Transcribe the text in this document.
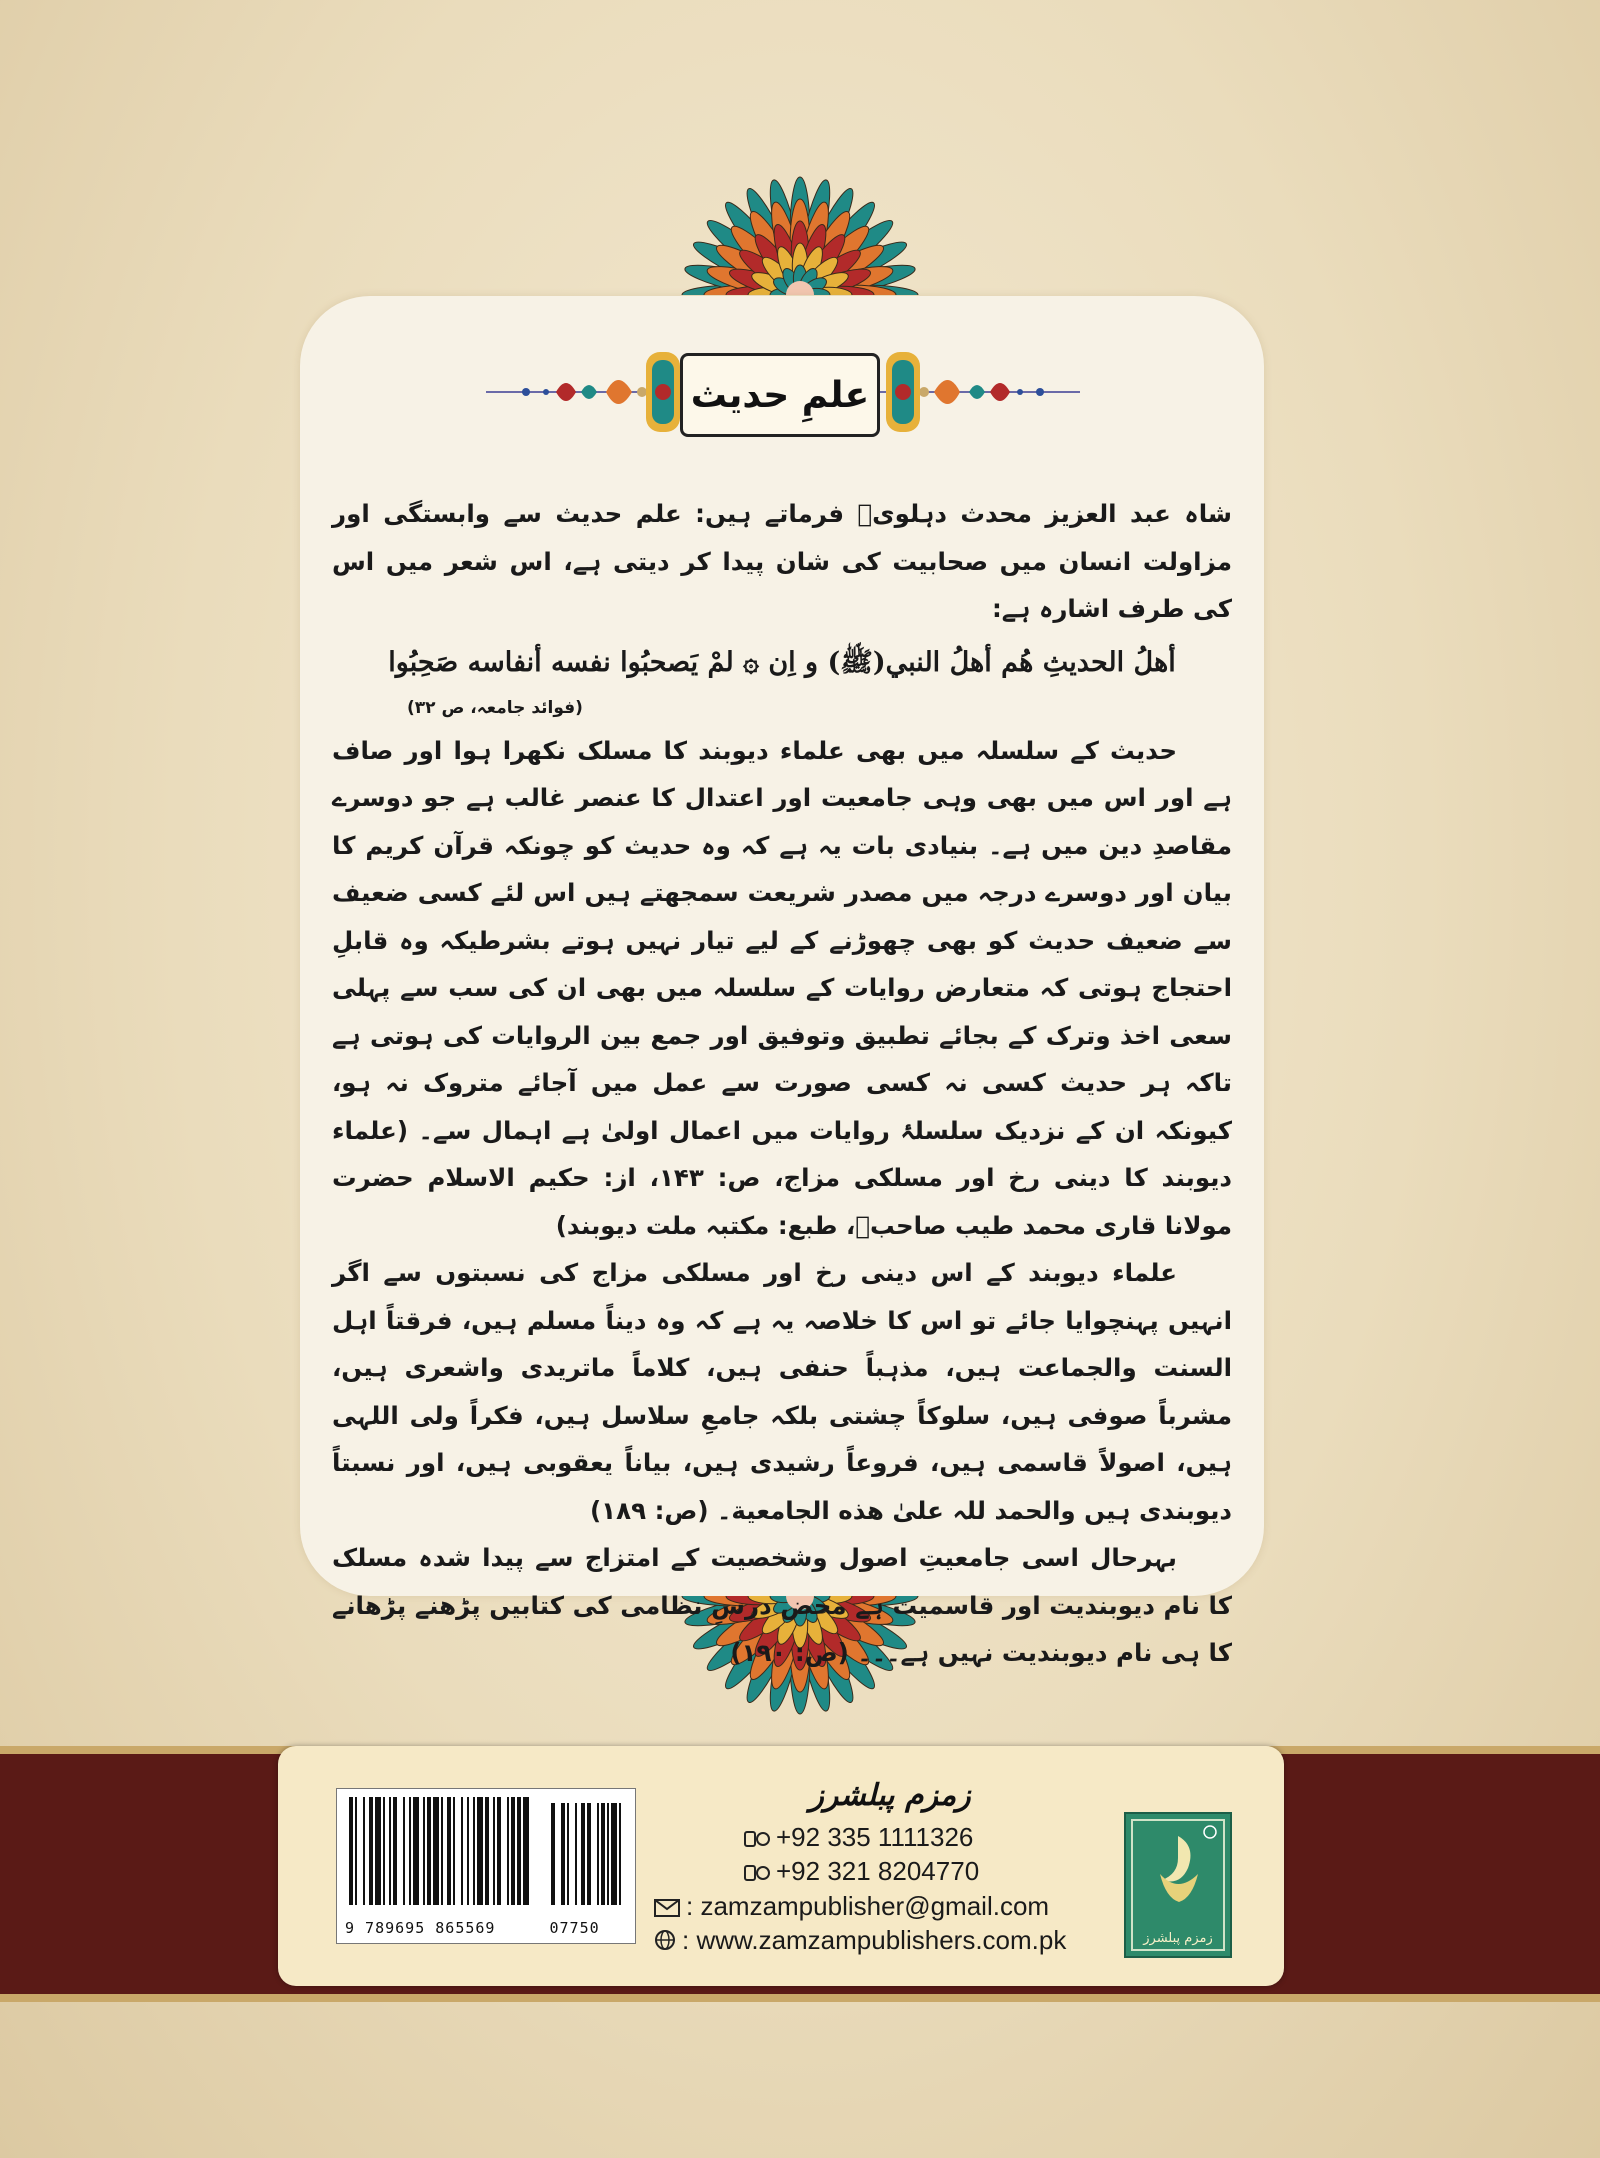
علمِ حدیث

شاہ عبد العزیز محدث دہلویؒ فرماتے ہیں: علم حدیث سے وابستگی اور مزاولت انسان میں صحابیت کی شان پیدا کر دیتی ہے، اس شعر میں اس کی طرف اشارہ ہے:

أهلُ الحديثِ هُم أهلُ النبي(ﷺ) و اِن ۞ لمْ يَصحبُوا نفسه أنفاسه صَحِبُوا

(فوائد جامعہ، ص ۳۲)

حدیث کے سلسلہ میں بھی علماء دیوبند کا مسلک نکھرا ہوا اور صاف ہے اور اس میں بھی وہی جامعیت اور اعتدال کا عنصر غالب ہے جو دوسرے مقاصدِ دین میں ہے۔ بنیادی بات یہ ہے کہ وہ حدیث کو چونکہ قرآن کریم کا بیان اور دوسرے درجہ میں مصدر شریعت سمجھتے ہیں اس لئے کسی ضعیف سے ضعیف حدیث کو بھی چھوڑنے کے لیے تیار نہیں ہوتے بشرطیکہ وہ قابلِ احتجاج ہوتی کہ متعارض روایات کے سلسلہ میں بھی ان کی سب سے پہلی سعی اخذ وترک کے بجائے تطبیق وتوفیق اور جمع بین الروایات کی ہوتی ہے تاکہ ہر حدیث کسی نہ کسی صورت سے عمل میں آجائے متروک نہ ہو، کیونکہ ان کے نزدیک سلسلۂ روایات میں اعمال اولیٰ ہے اہمال سے۔ (علماء دیوبند کا دینی رخ اور مسلکی مزاج، ص: ۱۴۳، از: حکیم الاسلام حضرت مولانا قاری محمد طیب صاحبؒ، طبع: مکتبہ ملت دیوبند)

علماء دیوبند کے اس دینی رخ اور مسلکی مزاج کی نسبتوں سے اگر انہیں پہنچوایا جائے تو اس کا خلاصہ یہ ہے کہ وہ دیناً مسلم ہیں، فرقتاً اہل السنت والجماعت ہیں، مذہباً حنفی ہیں، کلاماً ماتریدی واشعری ہیں، مشرباً صوفی ہیں، سلوکاً چشتی بلکہ جامعِ سلاسل ہیں، فکراً ولی اللہی ہیں، اصولاً قاسمی ہیں، فروعاً رشیدی ہیں، بیاناً یعقوبی ہیں، اور نسبتاً دیوبندی ہیں والحمد للہ علیٰ هذه الجامعية۔ (ص: ۱۸۹)

بہرحال اسی جامعیتِ اصول وشخصیت کے امتزاج سے پیدا شدہ مسلک کا نام دیوبندیت اور قاسمیت ہے محض درسِ نظامی کی کتابیں پڑھنے پڑھانے کا ہی نام دیوبندیت نہیں ہے۔۔۔ (ص: ۱۹۰)

9 789695 865569	07750
زمزم پبلشرز
+92 335 1111326
+92 321 8204770
: zamzampublisher@gmail.com
: www.zamzampublishers.com.pk	زمزم پبلشرز
